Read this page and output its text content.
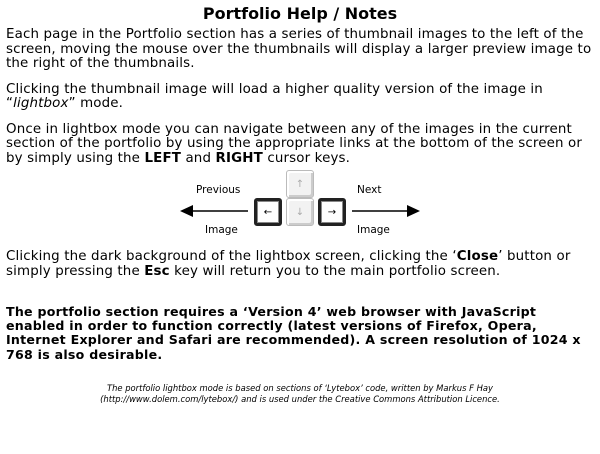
Portfolio Help / Notes

Each page in the Portfolio section has a series of thumbnail images to the left of the screen, moving the mouse over the thumbnails will display a larger preview image to the right of the thumbnails.

Clicking the thumbnail image will load a higher quality version of the image in “lightbox” mode.

Once in lightbox mode you can navigate between any of the images in the current section of the portfolio by using the appropriate links at the bottom of the screen or by simply using the LEFT and RIGHT cursor keys.

Previous
Image
Next
Image
↑
←	↓	→

Clicking the dark background of the lightbox screen, clicking the ‘Close’ button or simply pressing the Esc key will return you to the main portfolio screen.

The portfolio section requires a ‘Version 4’ web browser with JavaScript enabled in order to function correctly (latest versions of Firefox, Opera, Internet Explorer and Safari are recommended). A screen resolution of 1024 x 768 is also desirable.

The portfolio lightbox mode is based on sections of ‘Lytebox’ code, written by Markus F Hay

(http://www.dolem.com/lytebox/) and is used under the Creative Commons Attribution Licence.
